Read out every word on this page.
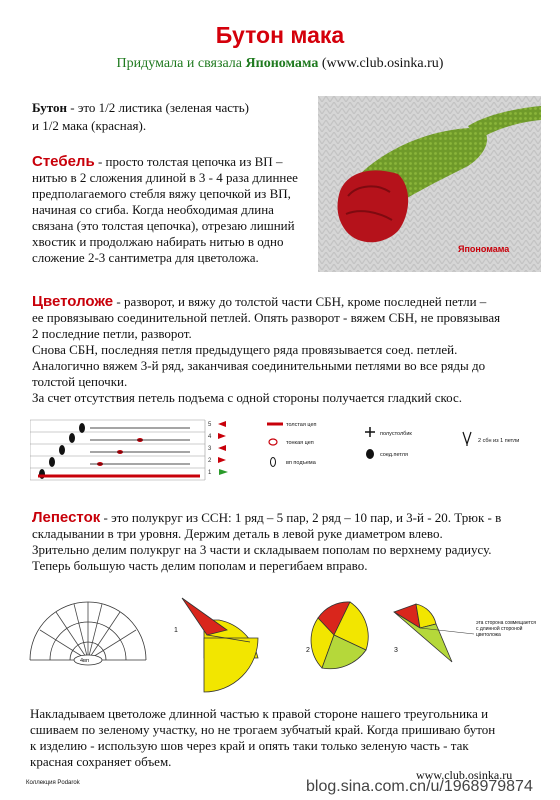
Бутон мака
Придумала и связала Япономама (www.club.osinka.ru)
Бутон - это 1/2 листика (зеленая часть)
и 1/2 мака (красная).
Стебель - просто толстая цепочка из ВП –
нитью в 2 сложения длиной в 3 - 4 раза длиннее
предполагаемого стебля вяжу цепочкой из ВП,
начиная со сгиба. Когда необходимая длина
связана (это толстая цепочка), отрезаю лишний
хвостик и продолжаю набирать нитью в одно
сложение 2-3 сантиметра для цветоложа.
Япономама
Цветоложе - разворот, и вяжу до толстой части СБН, кроме последней петли –
ее провязываю соединительной петлей. Опять разворот - вяжем СБН, не провязывая
2 последние петли, разворот.
Снова СБН, последняя петля предыдущего ряда провязывается соед. петлей.
Аналогично вяжем 3-й ряд, заканчивая соединительными петлями во все ряды до
толстой цепочки.
За счет отсутствия петель подъема с одной стороны получается гладкий скос.
5
4
3
2
1
толстая цеп
тонкая цеп
вп подъема
полустолбик
соед.петля
2 сбн из 1 петли
Лепесток - это полукруг из ССН: 1 ряд – 5 пар, 2 ряд – 10 пар, и 3-й - 20. Трюк - в
складывании в три уровня. Держим деталь в левой руке диаметром влево.
Зрительно делим полукруг на 3 части и складываем пополам по верхнему радиусу.
Теперь большую часть делим пополам и перегибаем вправо.
4вп
1
2	3
эта сторона совмещается с длинной стороной цветоложа
Накладываем цветоложе длинной частью к правой стороне нашего треугольника и
сшиваем по зеленому участку, но не трогаем зубчатый край. Когда пришиваю бутон
к изделию - использую шов через край и опять таки только зеленую часть - так
красная сохраняет объем.
Коллекция Podarok
www.club.osinka.ru
blog.sina.com.cn/u/1968979874
